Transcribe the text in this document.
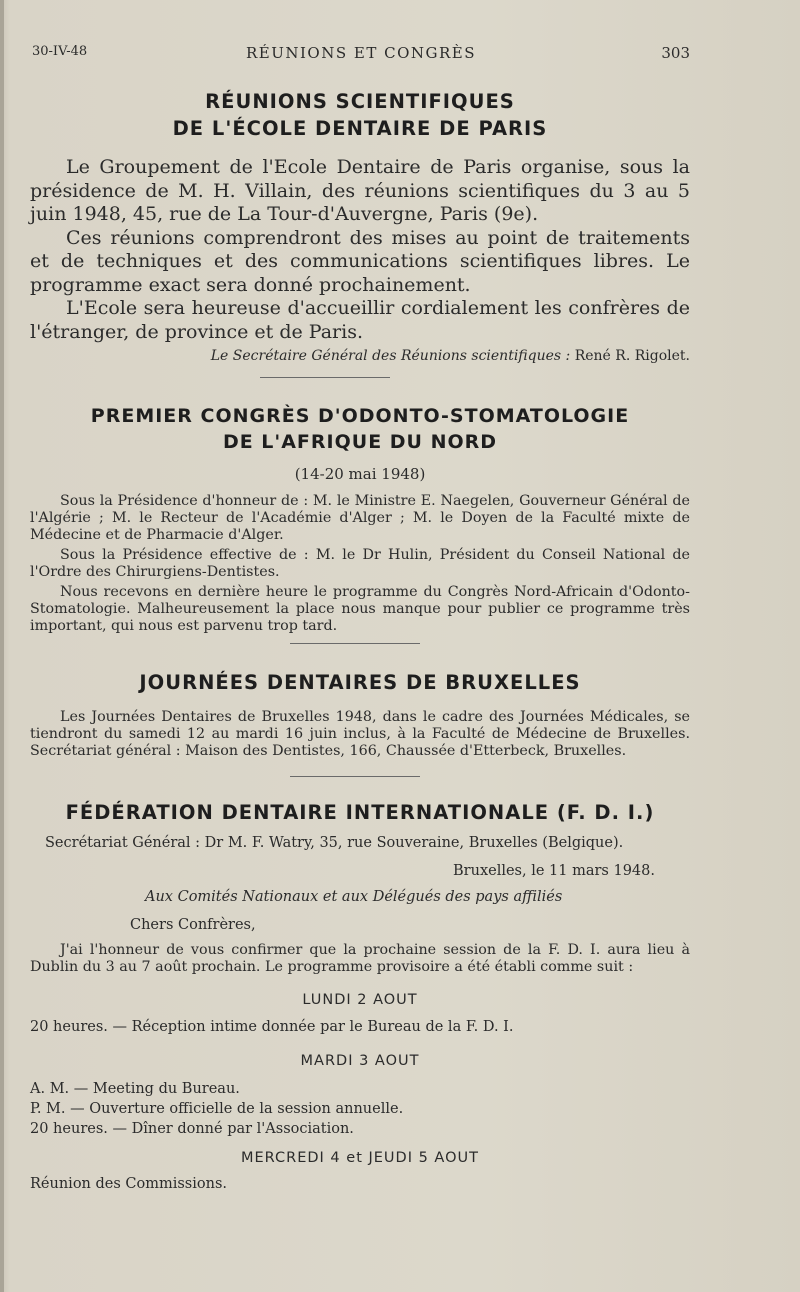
30-IV-48	RÉUNIONS ET CONGRÈS	303
RÉUNIONS SCIENTIFIQUES
DE L'ÉCOLE DENTAIRE DE PARIS

Le Groupement de l'Ecole Dentaire de Paris organise, sous la présidence de M. H. Villain, des réunions scientifiques du 3 au 5 juin 1948, 45, rue de La Tour-d'Auvergne, Paris (9e).

Ces réunions comprendront des mises au point de traitements et de techniques et des communications scientifiques libres. Le programme exact sera donné prochainement.

L'Ecole sera heureuse d'accueillir cordialement les confrères de l'étranger, de province et de Paris.

Le Secrétaire Général des Réunions scientifiques : René R. Rigolet.
PREMIER CONGRÈS D'ODONTO-STOMATOLOGIE
DE L'AFRIQUE DU NORD
(14-20 mai 1948)

Sous la Présidence d'honneur de : M. le Ministre E. Naegelen, Gouverneur Général de l'Algérie ; M. le Recteur de l'Académie d'Alger ; M. le Doyen de la Faculté mixte de Médecine et de Pharmacie d'Alger.

Sous la Présidence effective de : M. le Dr Hulin, Président du Conseil National de l'Ordre des Chirurgiens-Dentistes.

Nous recevons en dernière heure le programme du Congrès Nord-Africain d'Odonto-Stomatologie. Malheureusement la place nous manque pour publier ce programme très important, qui nous est parvenu trop tard.

JOURNÉES DENTAIRES DE BRUXELLES

Les Journées Dentaires de Bruxelles 1948, dans le cadre des Journées Médicales, se tiendront du samedi 12 au mardi 16 juin inclus, à la Faculté de Médecine de Bruxelles. Secrétariat général : Maison des Dentistes, 166, Chaussée d'Etterbeck, Bruxelles.

FÉDÉRATION DENTAIRE INTERNATIONALE (F. D. I.)
Secrétariat Général : Dr M. F. Watry, 35, rue Souveraine, Bruxelles (Belgique).
Bruxelles, le 11 mars 1948.
Aux Comités Nationaux et aux Délégués des pays affiliés
Chers Confrères,

J'ai l'honneur de vous confirmer que la prochaine session de la F. D. I. aura lieu à Dublin du 3 au 7 août prochain. Le programme provisoire a été établi comme suit :

LUNDI 2 AOUT
20 heures. — Réception intime donnée par le Bureau de la F. D. I.
MARDI 3 AOUT
A. M. — Meeting du Bureau.
P. M. — Ouverture officielle de la session annuelle.
20 heures. — Dîner donné par l'Association.
MERCREDI 4 et JEUDI 5 AOUT
Réunion des Commissions.
